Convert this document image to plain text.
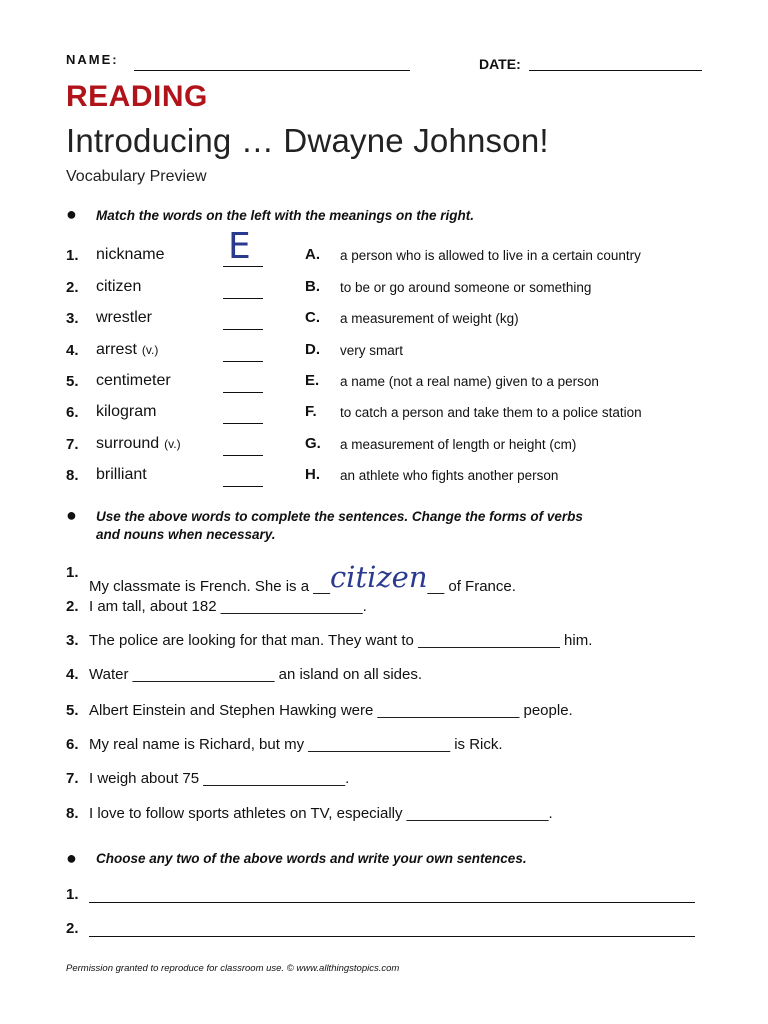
NAME:	DATE:
READING
Introducing … Dwayne Johnson!
Vocabulary Preview
● Match the words on the left with the meanings on the right.
1. nickname	A. a person who is allowed to live in a certain country
2. citizen	B. to be or go around someone or something
3. wrestler	C. a measurement of weight (kg)
4. arrest (v.)	D. very smart
5. centimeter	E. a name (not a real name) given to a person
6. kilogram	F. to catch a person and take them to a police station
7. surround (v.)	G. a measurement of length or height (cm)
8. brilliant	H. an athlete who fights another person
E
● Use the above words to complete the sentences. Change the forms of verbs
and nouns when necessary.
1.
My classmate is French. She is a __citizen__ of France.
2. I am tall, about 182 _________________.
3. The police are looking for that man. They want to _________________ him.
4. Water _________________ an island on all sides.
5. Albert Einstein and Stephen Hawking were _________________ people.
6. My real name is Richard, but my _________________ is Rick.
7. I weigh about 75 _________________.
8. I love to follow sports athletes on TV, especially _________________.
● Choose any two of the above words and write your own sentences.
1.
2.
Permission granted to reproduce for classroom use. © www.allthingstopics.com
